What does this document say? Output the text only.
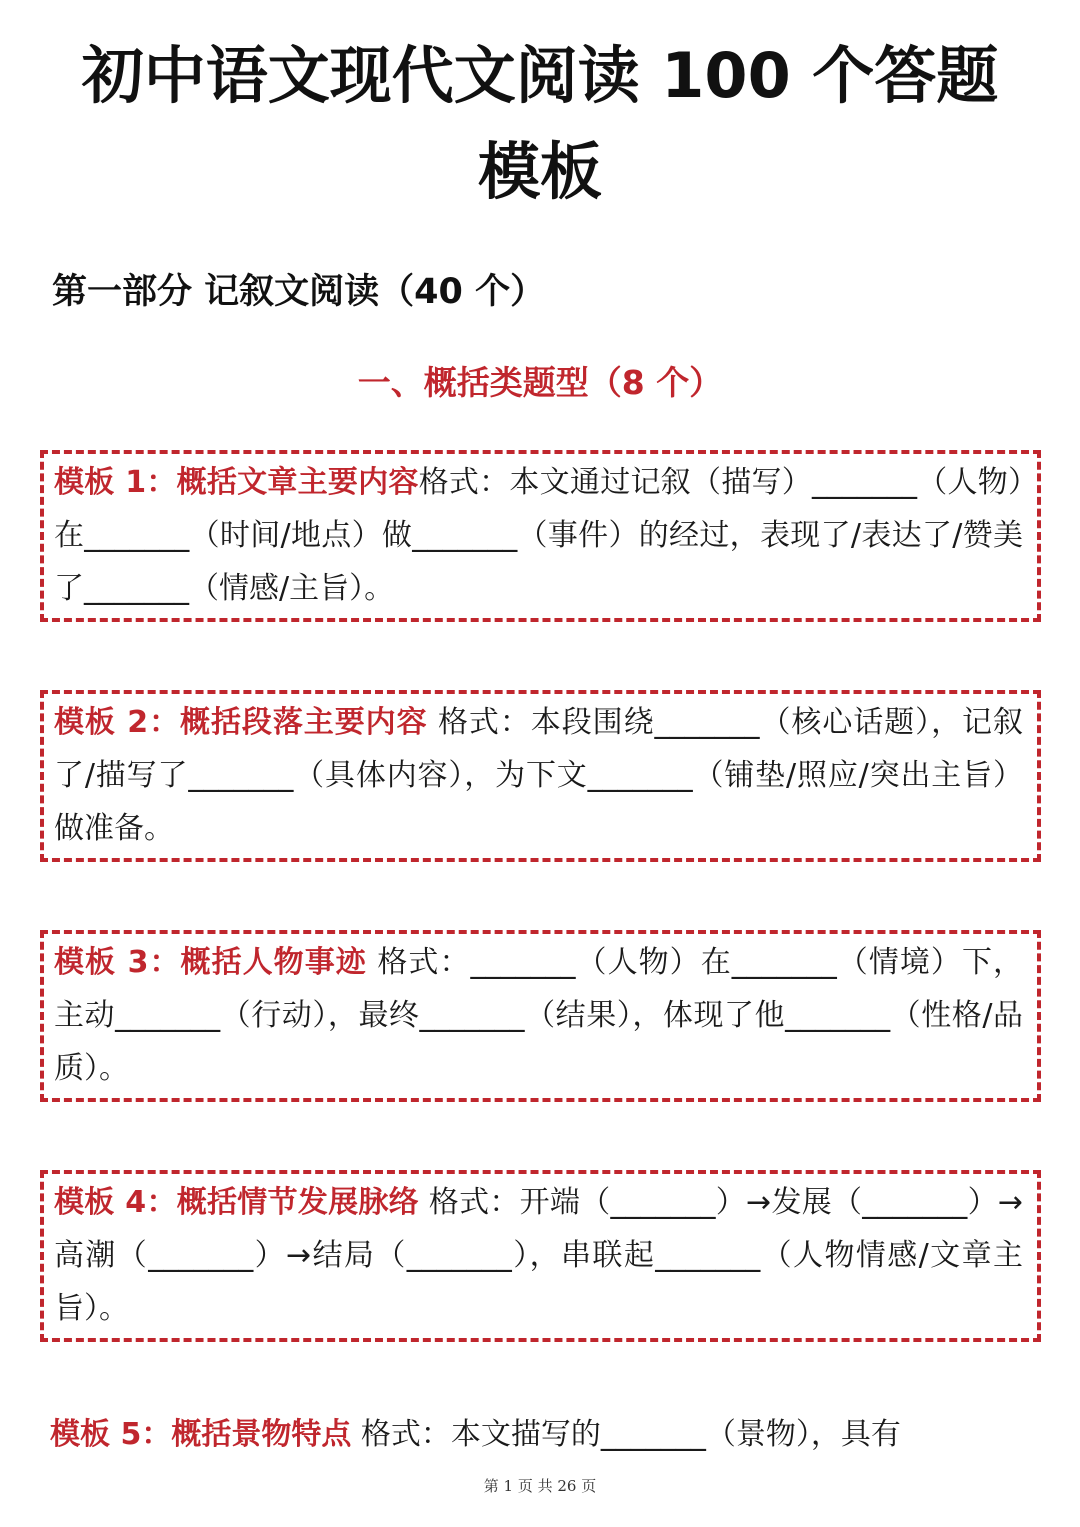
初中语文现代文阅读 100 个答题
模板
第一部分 记叙文阅读（40 个）
一、概括类题型（8 个）
模板 1：概括文章主要内容格式：本文通过记叙（描写）_______（人物）在_______（时间/地点）做_______（事件）的经过，表现了/表达了/赞美了_______（情感/主旨）。
模板 2：概括段落主要内容 格式：本段围绕_______（核心话题），记叙了/描写了_______（具体内容），为下文_______（铺垫/照应/突出主旨）做准备。
模板 3：概括人物事迹 格式：_______（人物）在_______（情境）下，主动_______（行动），最终_______（结果），体现了他_______（性格/品质）。
模板 4：概括情节发展脉络 格式：开端（_______）→发展（_______）→高潮（_______）→结局（_______），串联起_______（人物情感/文章主旨）。
模板 5：概括景物特点 格式：本文描写的_______（景物），具有
第 1 页 共 26 页
